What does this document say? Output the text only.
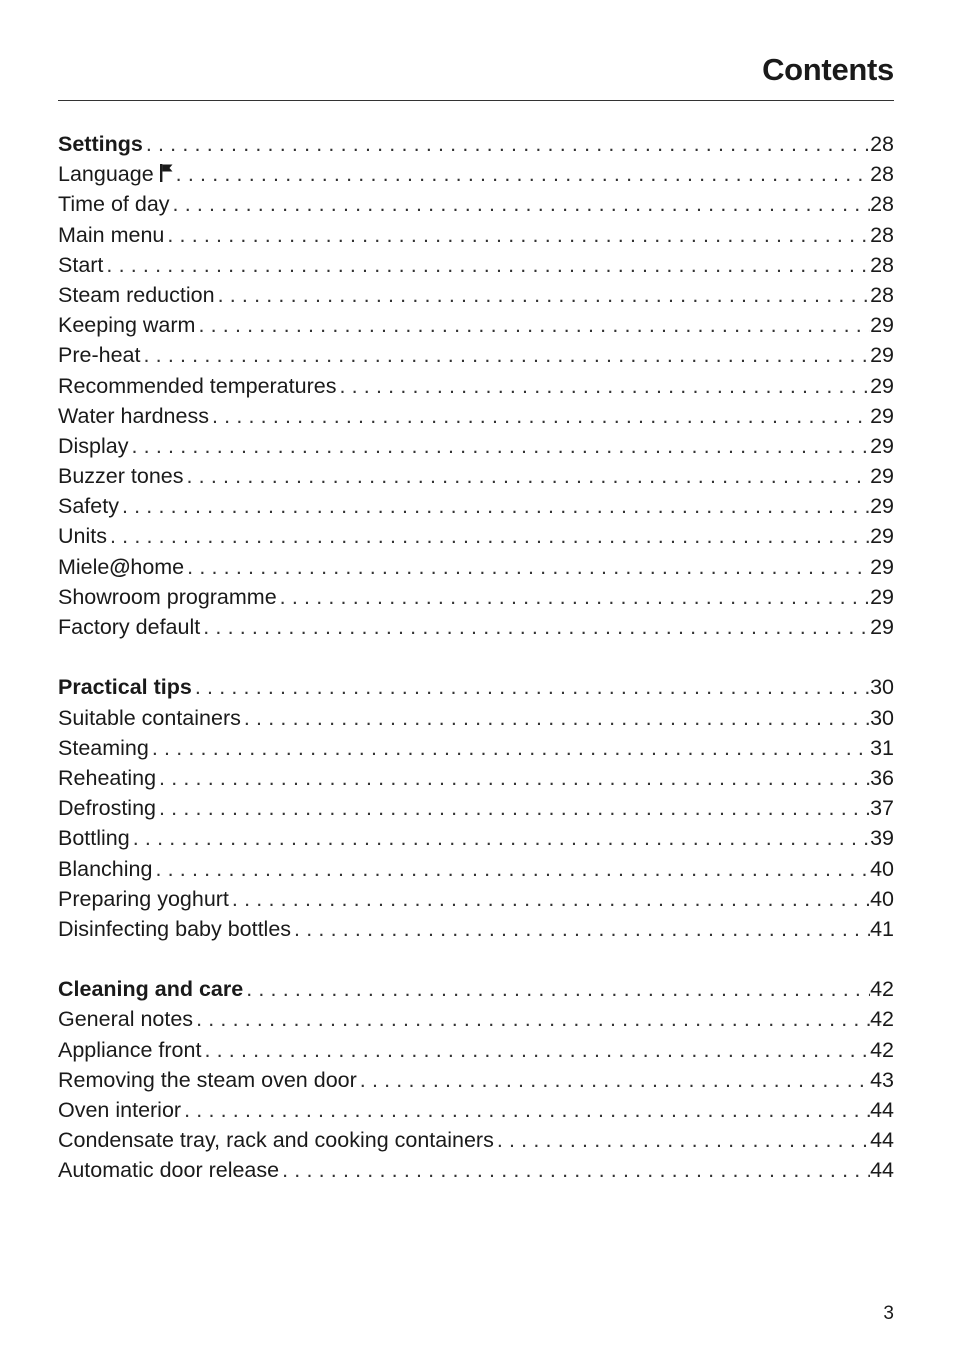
Contents
Settings .....	28
Language .....	28
Time of day .....	28
Main menu .....	28
Start .....	28
Steam reduction .....	28
Keeping warm .....	29
Pre-heat .....	29
Recommended temperatures .....	29
Water hardness .....	29
Display .....	29
Buzzer tones .....	29
Safety .....	29
Units .....	29
Miele@home .....	29
Showroom programme .....	29
Factory default .....	29
Practical tips .....	30
Suitable containers .....	30
Steaming .....	31
Reheating .....	36
Defrosting .....	37
Bottling .....	39
Blanching .....	40
Preparing yoghurt .....	40
Disinfecting baby bottles .....	41
Cleaning and care .....	42
General notes .....	42
Appliance front .....	42
Removing the steam oven door .....	43
Oven interior .....	44
Condensate tray, rack and cooking containers .....	44
Automatic door release .....	44
3
